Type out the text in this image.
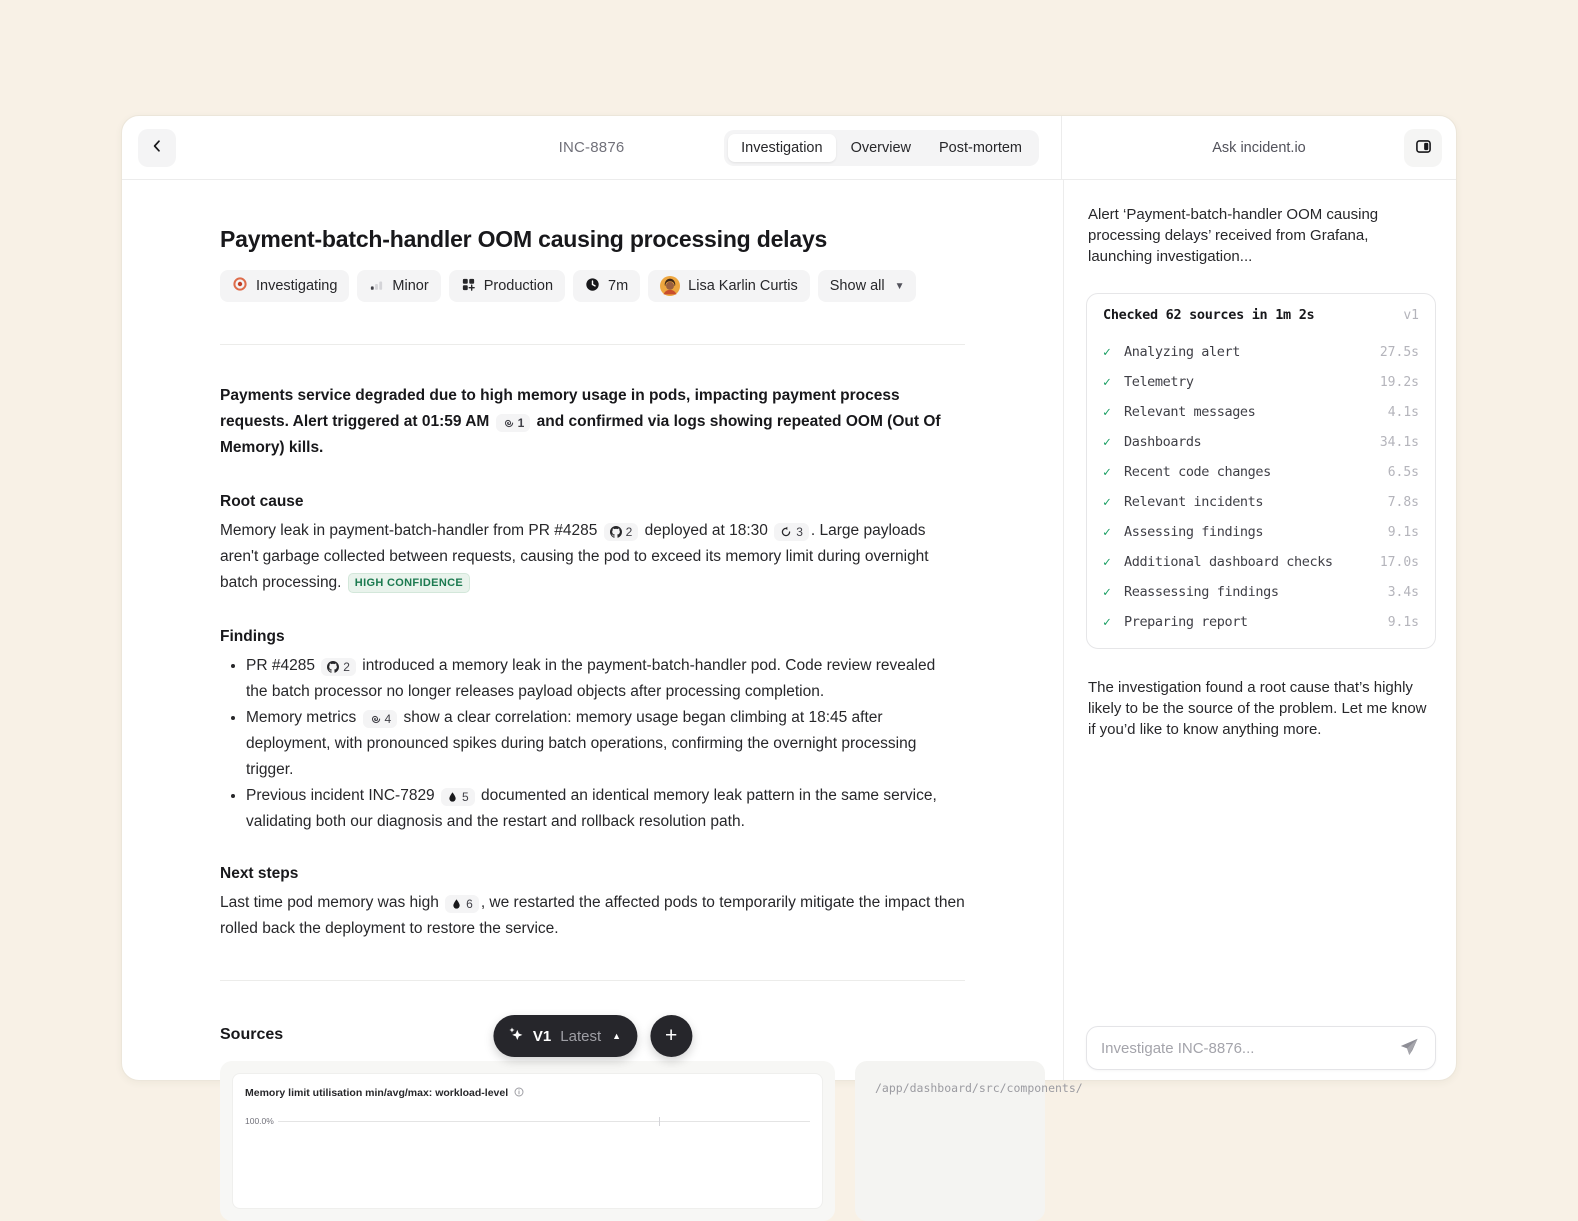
INC-8876	Investigation	Overview	Post-mortem	Ask incident.io
Payment-batch-handler OOM causing processing delays
Investigating	Minor	Production	7m	Lisa Karlin Curtis Show all ▼

Payments service degraded due to high memory usage in pods, impacting payment process requests. Alert triggered at 01:59 AM 1 and confirmed via logs showing repeated OOM (Out Of Memory) kills.

Root cause

Memory leak in payment-batch-handler from PR #4285 2 deployed at 18:30 3 . Large payloads aren't garbage collected between requests, causing the pod to exceed its memory limit during overnight batch processing. HIGH CONFIDENCE

Findings
• PR #4285 2 introduced a memory leak in the payment-batch-handler pod. Code review revealed the batch processor no longer releases payload objects after processing completion.
• Memory metrics 4 show a clear correlation: memory usage began climbing at 18:45 after deployment, with pronounced spikes during batch operations, confirming the overnight processing trigger.
• Previous incident INC-7829 5 documented an identical memory leak pattern in the same service, validating both our diagnosis and the restart and rollback resolution path.
Next steps

Last time pod memory was high 6 , we restarted the affected pods to temporarily mitigate the impact then rolled back the deployment to restore the service.

Sources
Memory limit utilisation min/avg/max: workload-level
100.0%
/app/dashboard/src/components/
V1 Latest ▲	+

Alert ‘Payment-batch-handler OOM causing processing delays’ received from Grafana, launching investigation...

Checked 62 sources in 1m 2s	v1
✓ Analyzing alert	27.5s
✓ Telemetry	19.2s
✓ Relevant messages	4.1s
✓ Dashboards	34.1s
✓ Recent code changes	6.5s
✓ Relevant incidents	7.8s
✓ Assessing findings	9.1s
✓ Additional dashboard checks	17.0s
✓ Reassessing findings	3.4s
✓ Preparing report	9.1s

The investigation found a root cause that’s highly likely to be the source of the problem. Let me know if you’d like to know anything more.

Investigate INC-8876...
